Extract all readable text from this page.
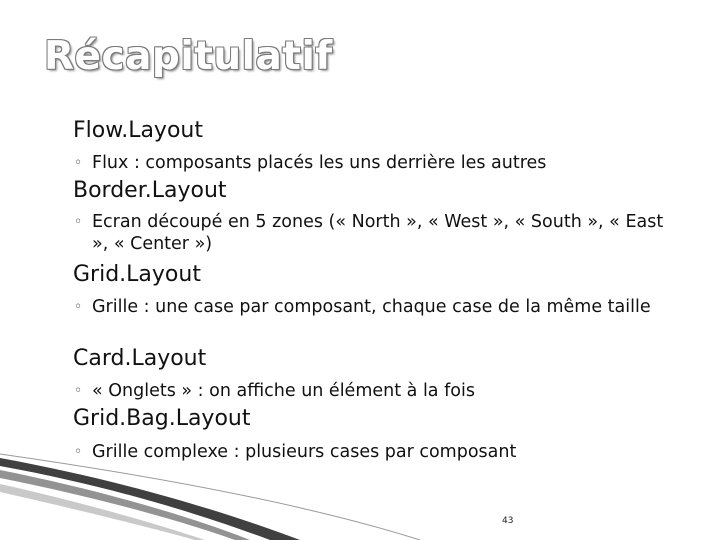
Récapitulatif
Flow.Layout
◦ Flux : composants placés les uns derrière les autres
Border.Layout
◦ Ecran découpé en 5 zones (« North », « West », « South », « East », « Center »)
Grid.Layout
◦ Grille : une case par composant, chaque case de la même taille
Card.Layout
◦ « Onglets » : on affiche un élément à la fois
Grid.Bag.Layout
◦ Grille complexe : plusieurs cases par composant
43
